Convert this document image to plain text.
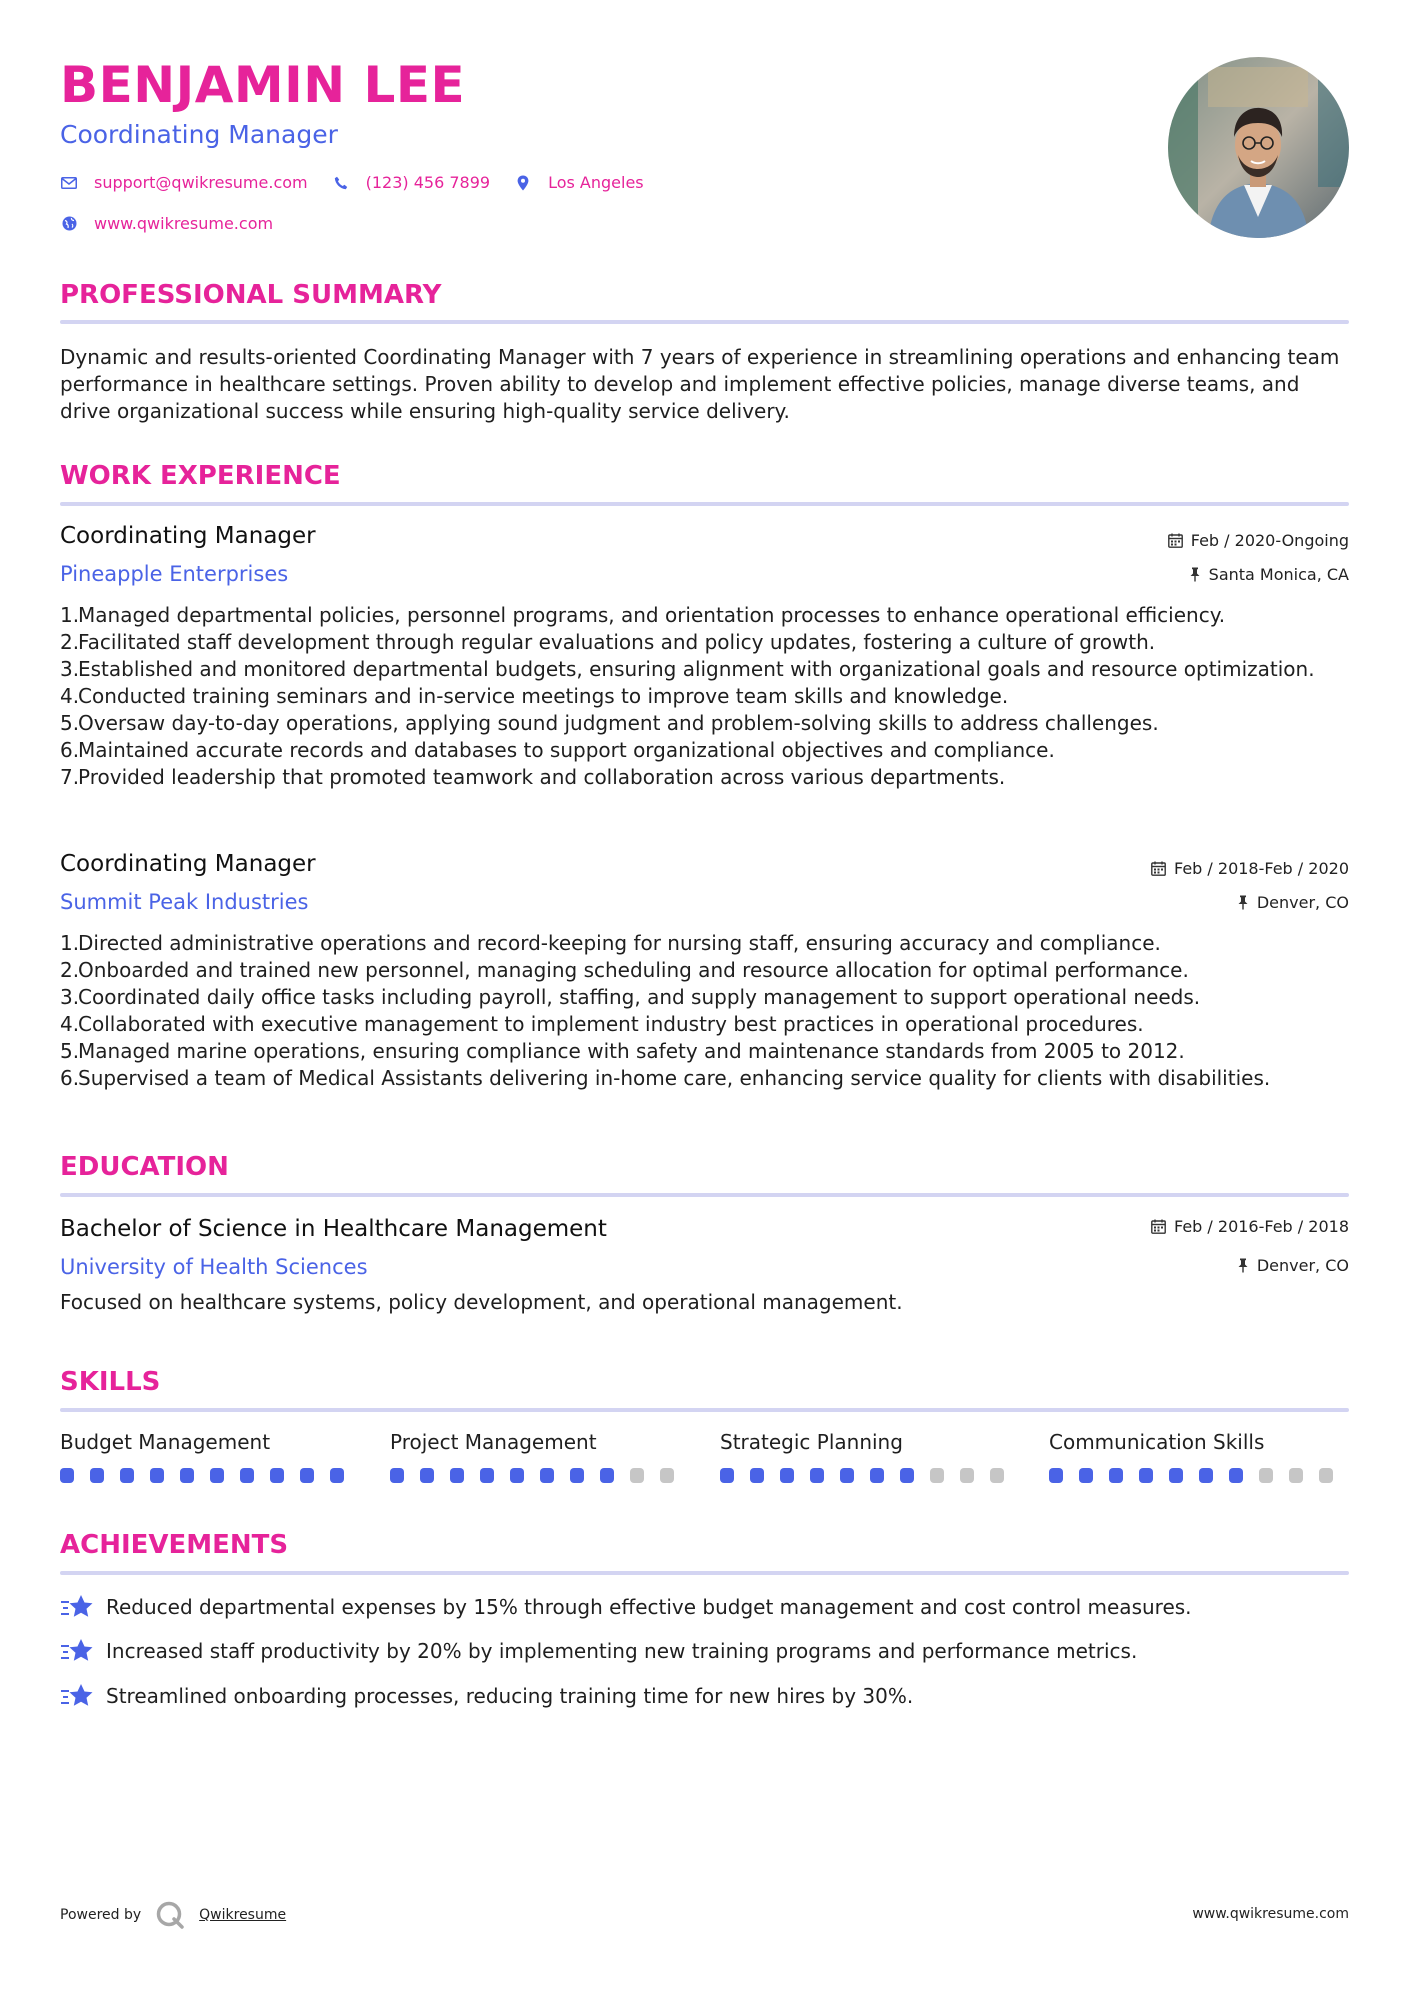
BENJAMIN LEE
Coordinating Manager
support@qwikresume.com	(123) 456 7899	Los Angeles
www.qwikresume.com
PROFESSIONAL SUMMARY
Dynamic and results-oriented Coordinating Manager with 7 years of experience in streamlining operations and enhancing team performance in healthcare settings. Proven ability to develop and implement effective policies, manage diverse teams, and drive organizational success while ensuring high-quality service delivery.
WORK EXPERIENCE
Coordinating Manager
Pineapple Enterprises
Feb / 2020-Ongoing
Santa Monica, CA
Managed departmental policies, personnel programs, and orientation processes to enhance operational efficiency.
Facilitated staff development through regular evaluations and policy updates, fostering a culture of growth.
Established and monitored departmental budgets, ensuring alignment with organizational goals and resource optimization.
Conducted training seminars and in-service meetings to improve team skills and knowledge.
Oversaw day-to-day operations, applying sound judgment and problem-solving skills to address challenges.
Maintained accurate records and databases to support organizational objectives and compliance.
Provided leadership that promoted teamwork and collaboration across various departments.
Coordinating Manager
Summit Peak Industries
Feb / 2018-Feb / 2020
Denver, CO
Directed administrative operations and record-keeping for nursing staff, ensuring accuracy and compliance.
Onboarded and trained new personnel, managing scheduling and resource allocation for optimal performance.
Coordinated daily office tasks including payroll, staffing, and supply management to support operational needs.
Collaborated with executive management to implement industry best practices in operational procedures.
Managed marine operations, ensuring compliance with safety and maintenance standards from 2005 to 2012.
Supervised a team of Medical Assistants delivering in-home care, enhancing service quality for clients with disabilities.
EDUCATION
Bachelor of Science in Healthcare Management
University of Health Sciences
Feb / 2016-Feb / 2018
Denver, CO
Focused on healthcare systems, policy development, and operational management.
SKILLS
Budget Management	Project Management	Strategic Planning	Communication Skills
ACHIEVEMENTS
Reduced departmental expenses by 15% through effective budget management and cost control measures.
Increased staff productivity by 20% by implementing new training programs and performance metrics.
Streamlined onboarding processes, reducing training time for new hires by 30%.
Powered by	Qwikresume	www.qwikresume.com
